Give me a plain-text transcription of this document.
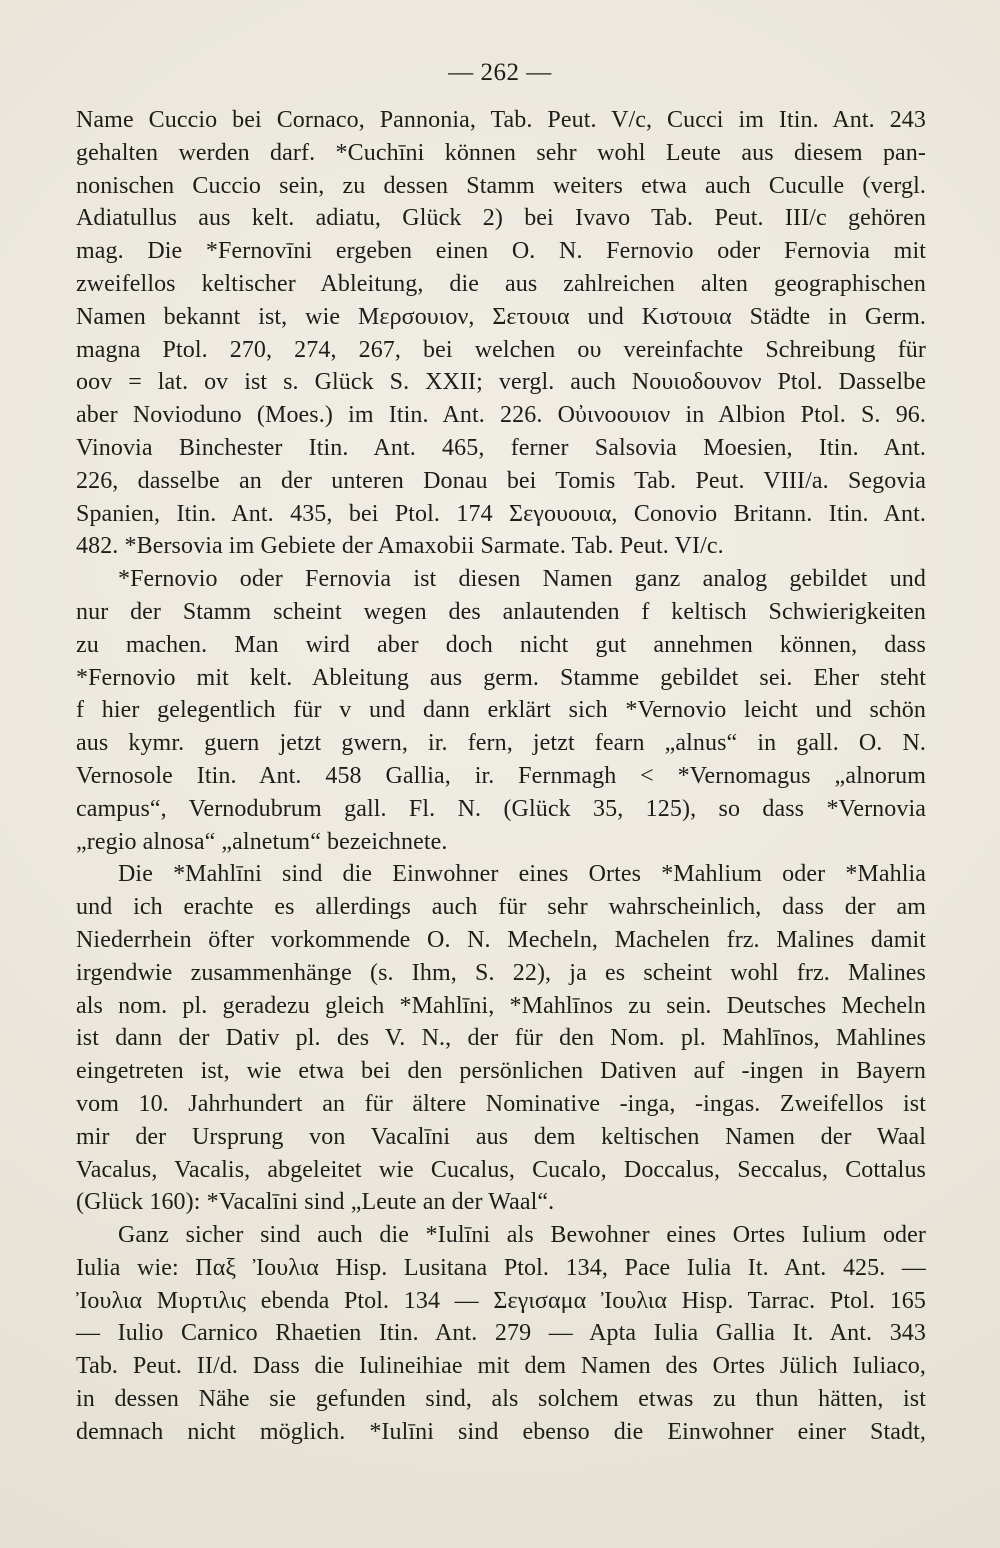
— 262 —
Name Cuccio bei Cornaco, Pannonia, Tab. Peut. V/c, Cucci im Itin. Ant. 243
gehalten werden darf. *Cuchīni können sehr wohl Leute aus diesem pan-
nonischen Cuccio sein, zu dessen Stamm weiters etwa auch Cuculle (vergl.
Adiatullus aus kelt. adiatu, Glück 2) bei Ivavo Tab. Peut. III/c gehören
mag. Die *Fernovīni ergeben einen O. N. Fernovio oder Fernovia mit
zweifellos keltischer Ableitung, die aus zahlreichen alten geographischen
Namen bekannt ist, wie Μερσουιον, Σετουια und Κιστουια Städte in Germ.
magna Ptol. 270, 274, 267, bei welchen ου vereinfachte Schreibung für
oov = lat. ov ist s. Glück S. XXII; vergl. auch Νουιοδουνον Ptol. Dasselbe
aber Novioduno (Moes.) im Itin. Ant. 226. Οὐινοουιον in Albion Ptol. S. 96.
Vinovia Binchester Itin. Ant. 465, ferner Salsovia Moesien, Itin. Ant.
226, dasselbe an der unteren Donau bei Tomis Tab. Peut. VIII/a. Segovia
Spanien, Itin. Ant. 435, bei Ptol. 174 Σεγουουια, Conovio Britann. Itin. Ant.
482. *Bersovia im Gebiete der Amaxobii Sarmate. Tab. Peut. VI/c.
*Fernovio oder Fernovia ist diesen Namen ganz analog gebildet und
nur der Stamm scheint wegen des anlautenden f keltisch Schwierigkeiten
zu machen. Man wird aber doch nicht gut annehmen können, dass
*Fernovio mit kelt. Ableitung aus germ. Stamme gebildet sei. Eher steht
f hier gelegentlich für v und dann erklärt sich *Vernovio leicht und schön
aus kymr. guern jetzt gwern, ir. fern, jetzt fearn „alnus“ in gall. O. N.
Vernosole Itin. Ant. 458 Gallia, ir. Fernmagh < *Vernomagus „alnorum
campus“, Vernodubrum gall. Fl. N. (Glück 35, 125), so dass *Vernovia
„regio alnosa“ „alnetum“ bezeichnete.
Die *Mahlīni sind die Einwohner eines Ortes *Mahlium oder *Mahlia
und ich erachte es allerdings auch für sehr wahrscheinlich, dass der am
Niederrhein öfter vorkommende O. N. Mecheln, Machelen frz. Malines damit
irgendwie zusammenhänge (s. Ihm, S. 22), ja es scheint wohl frz. Malines
als nom. pl. geradezu gleich *Mahlīni, *Mahlīnos zu sein. Deutsches Mecheln
ist dann der Dativ pl. des V. N., der für den Nom. pl. Mahlīnos, Mahlines
eingetreten ist, wie etwa bei den persönlichen Dativen auf -ingen in Bayern
vom 10. Jahrhundert an für ältere Nominative -inga, -ingas. Zweifellos ist
mir der Ursprung von Vacalīni aus dem keltischen Namen der Waal
Vacalus, Vacalis, abgeleitet wie Cucalus, Cucalo, Doccalus, Seccalus, Cottalus
(Glück 160): *Vacalīni sind „Leute an der Waal“.
Ganz sicher sind auch die *Iulīni als Bewohner eines Ortes Iulium oder
Iulia wie: Παξ Ἰουλια Hisp. Lusitana Ptol. 134, Pace Iulia It. Ant. 425. —
Ἰουλια Μυρτιλις ebenda Ptol. 134 — Σεγισαμα Ἰουλια Hisp. Tarrac. Ptol. 165
— Iulio Carnico Rhaetien Itin. Ant. 279 — Apta Iulia Gallia It. Ant. 343
Tab. Peut. II/d. Dass die Iulineihiae mit dem Namen des Ortes Jülich Iuliaco,
in dessen Nähe sie gefunden sind, als solchem etwas zu thun hätten, ist
demnach nicht möglich. *Iulīni sind ebenso die Einwohner einer Stadt,
